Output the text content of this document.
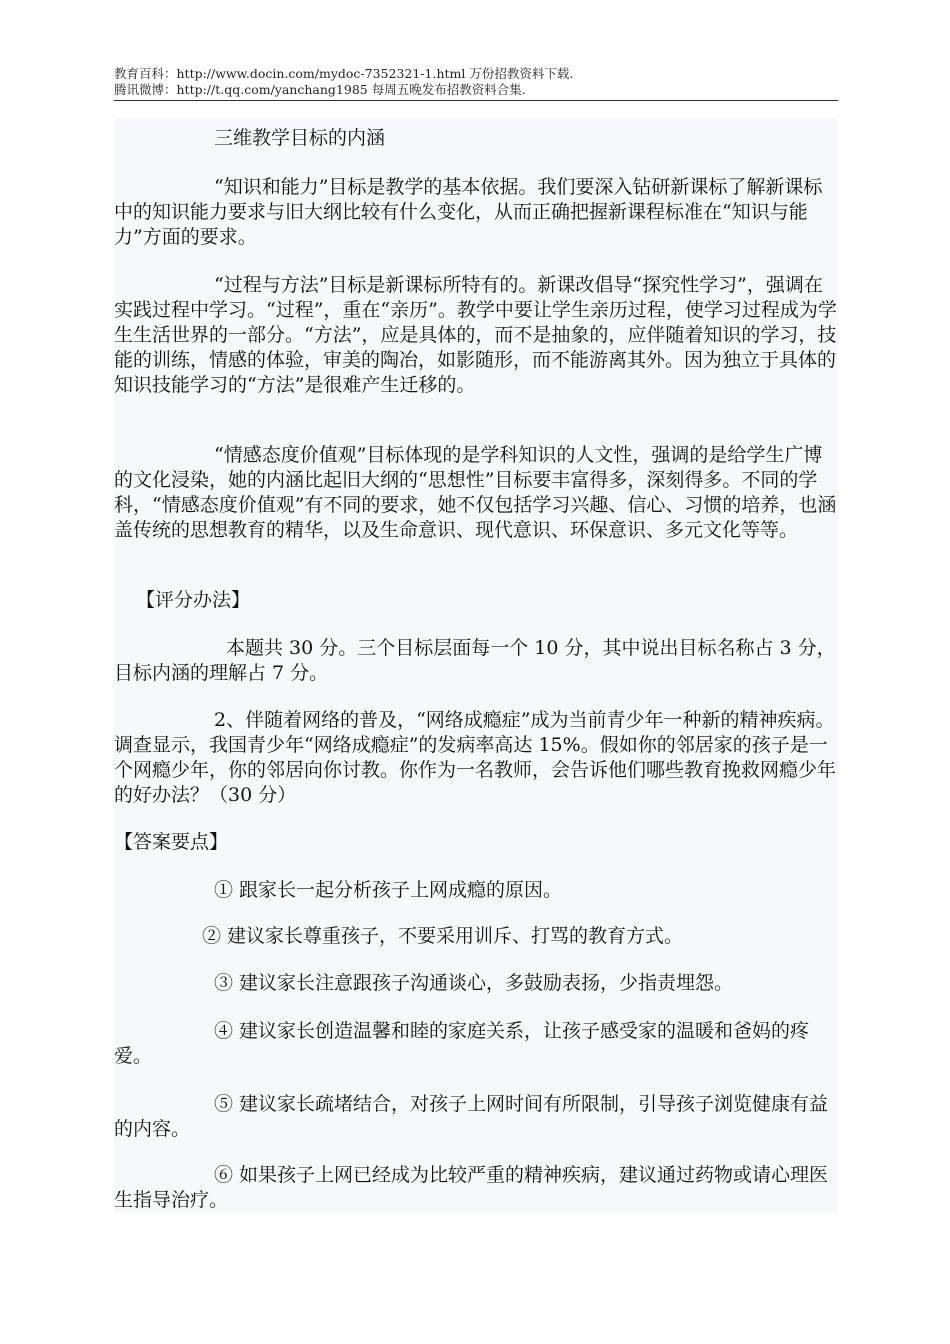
教育百科：http://www.docin.com/mydoc-7352321-1.html 万份招教资料下载.
腾讯微博：http://t.qq.com/yanchang1985 每周五晚发布招教资料合集.

三维教学目标的内涵

“知识和能力”目标是教学的基本依据。我们要深入钻研新课标了解新课标中的知识能力要求与旧大纲比较有什么变化，从而正确把握新课程标准在“知识与能力”方面的要求。

“过程与方法”目标是新课标所特有的。新课改倡导“探究性学习”，强调在实践过程中学习。“过程”，重在“亲历”。教学中要让学生亲历过程，使学习过程成为学生生活世界的一部分。“方法”，应是具体的，而不是抽象的，应伴随着知识的学习，技能的训练，情感的体验，审美的陶冶，如影随形，而不能游离其外。因为独立于具体的知识技能学习的“方法”是很难产生迁移的。

“情感态度价值观”目标体现的是学科知识的人文性，强调的是给学生广博的文化浸染，她的内涵比起旧大纲的“思想性”目标要丰富得多，深刻得多。不同的学科，“情感态度价值观”有不同的要求，她不仅包括学习兴趣、信心、习惯的培养，也涵盖传统的思想教育的精华，以及生命意识、现代意识、环保意识、多元文化等等。

【评分办法】

本题共 30 分。三个目标层面每一个 10 分，其中说出目标名称占 3 分，目标内涵的理解占 7 分。

2、伴随着网络的普及，“网络成瘾症”成为当前青少年一种新的精神疾病。调查显示，我国青少年“网络成瘾症”的发病率高达 15%。假如你的邻居家的孩子是一个网瘾少年，你的邻居向你讨教。你作为一名教师，会告诉他们哪些教育挽救网瘾少年的好办法？（30 分）

【答案要点】

① 跟家长一起分析孩子上网成瘾的原因。

② 建议家长尊重孩子，不要采用训斥、打骂的教育方式。

③ 建议家长注意跟孩子沟通谈心，多鼓励表扬，少指责埋怨。

④ 建议家长创造温馨和睦的家庭关系，让孩子感受家的温暖和爸妈的疼爱。

⑤ 建议家长疏堵结合，对孩子上网时间有所限制，引导孩子浏览健康有益的内容。

⑥ 如果孩子上网已经成为比较严重的精神疾病，建议通过药物或请心理医生指导治疗。
